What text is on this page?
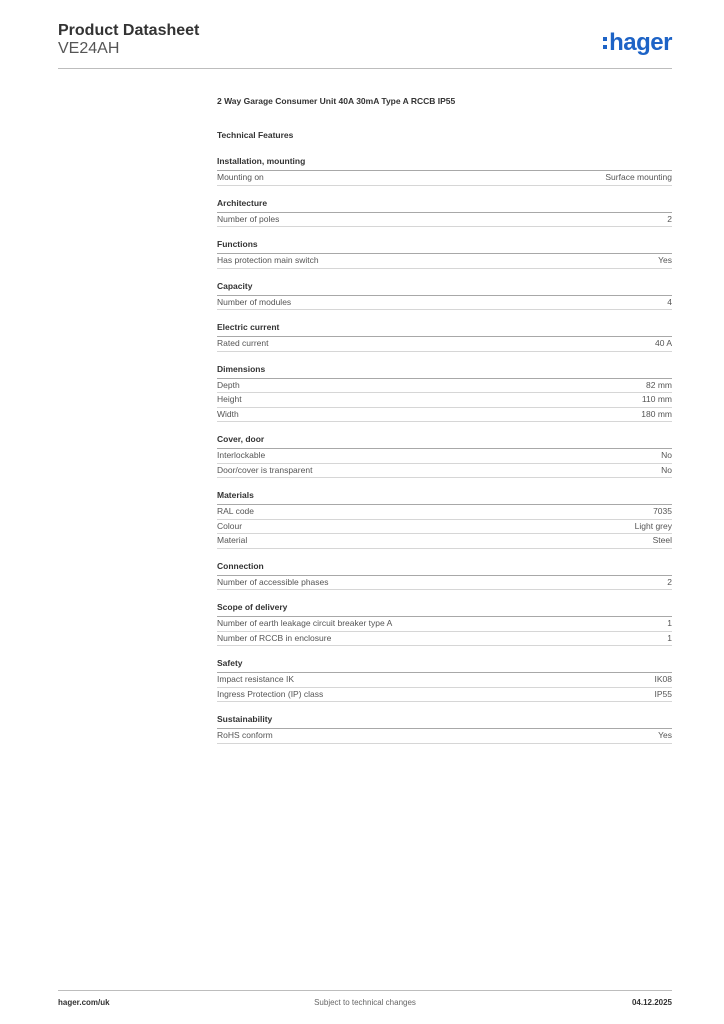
Product Datasheet
VE24AH	hager
2 Way Garage Consumer Unit 40A 30mA Type A RCCB IP55
Technical Features
Installation, mounting
Mounting on	Surface mounting
Architecture
Number of poles	2
Functions
Has protection main switch	Yes
Capacity
Number of modules	4
Electric current
Rated current	40 A
Dimensions
Depth	82 mm
Height	110 mm
Width	180 mm
Cover, door
Interlockable	No
Door/cover is transparent	No
Materials
RAL code	7035
Colour	Light grey
Material	Steel
Connection
Number of accessible phases	2
Scope of delivery
Number of earth leakage circuit breaker type A	1
Number of RCCB in enclosure	1
Safety
Impact resistance IK	IK08
Ingress Protection (IP) class	IP55
Sustainability
RoHS conform	Yes
hager.com/uk	Subject to technical changes	04.12.2025
